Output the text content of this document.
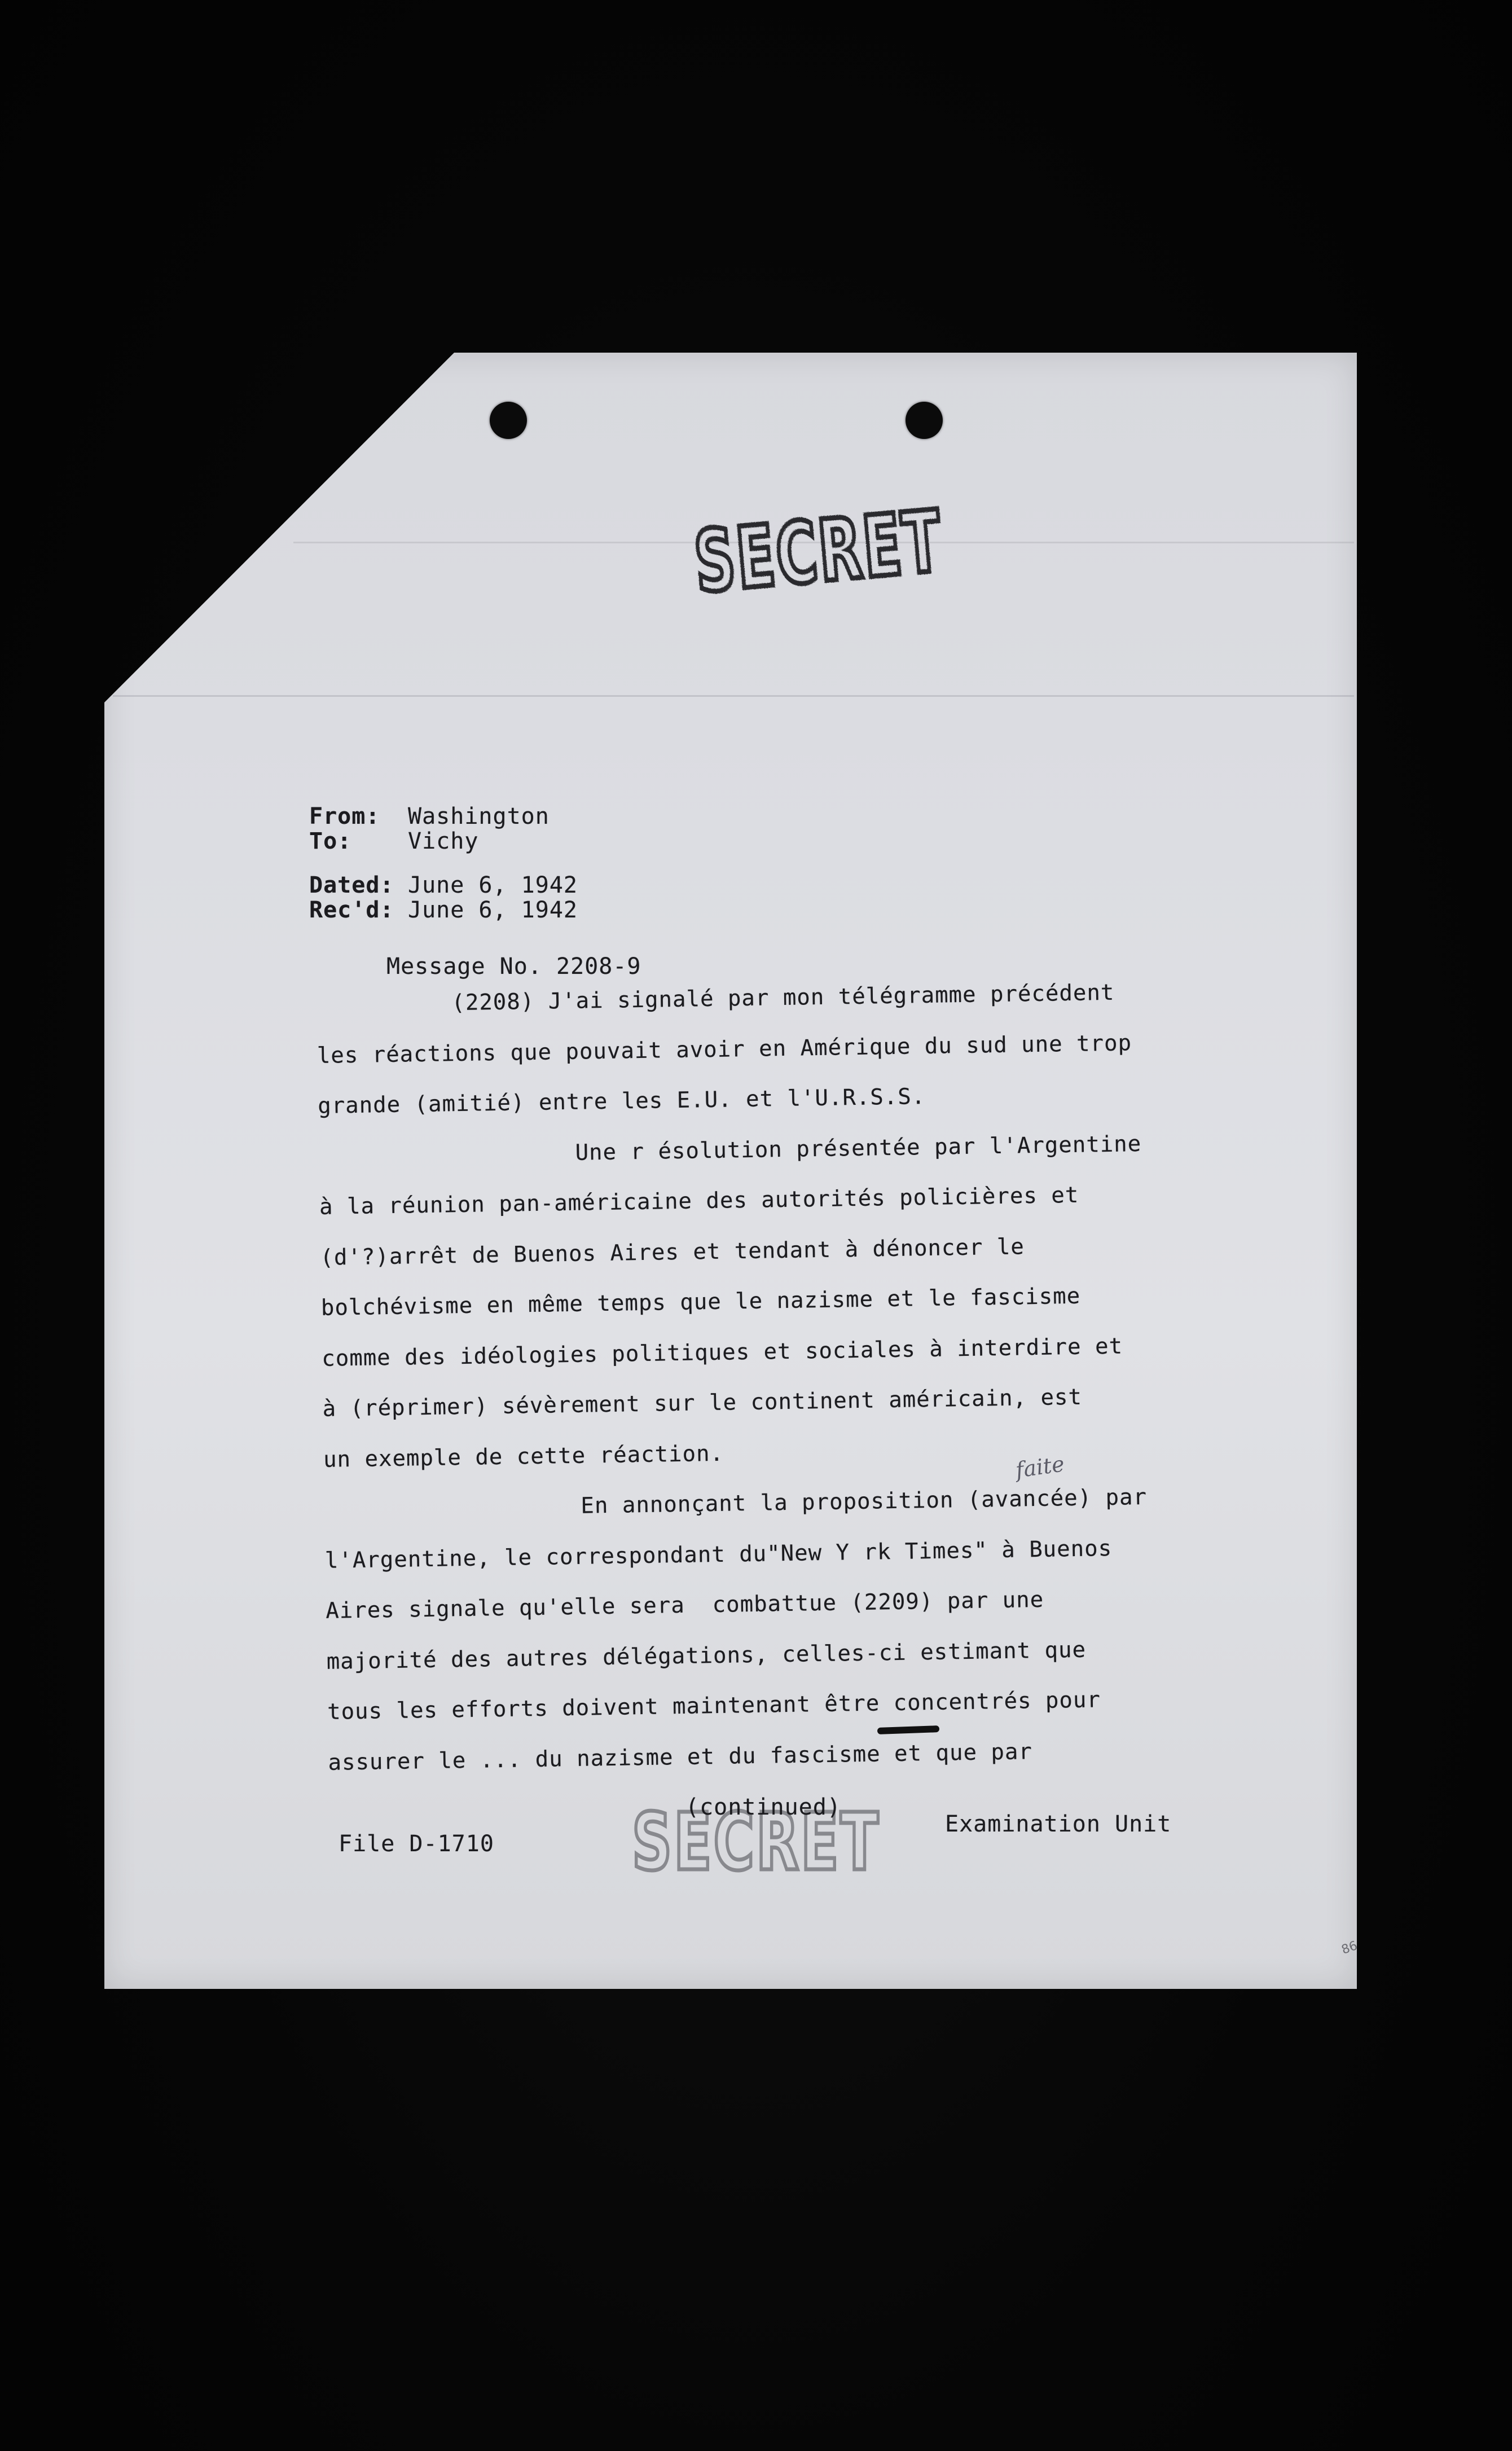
SECRET
From:	Washington
To:	Vichy
Dated: June 6, 1942
Rec'd: June 6, 1942
Message No. 2208-9
(2208) J'ai signalé par mon télégramme précédent
les réactions que pouvait avoir en Amérique du sud une trop
grande (amitié) entre les E.U. et l'U.R.S.S.
Une r ésolution présentée par l'Argentine
à la réunion pan-américaine des autorités policières et
(d'?)arrêt de Buenos Aires et tendant à dénoncer le
bolchévisme en même temps que le nazisme et le fascisme
comme des idéologies politiques et sociales à interdire et
à (réprimer) sévèrement sur le continent américain, est
un exemple de cette réaction.
En annonçant la proposition (avancée) par
l'Argentine, le correspondant du"New Y rk Times" à Buenos
Aires signale qu'elle sera  combattue (2209) par une
majorité des autres délégations, celles-ci estimant que
tous les efforts doivent maintenant être concentrés pour
assurer le ... du nazisme et du fascisme et que par
faite
SECRET
File D-1710
(continued)
Examination Unit
86
